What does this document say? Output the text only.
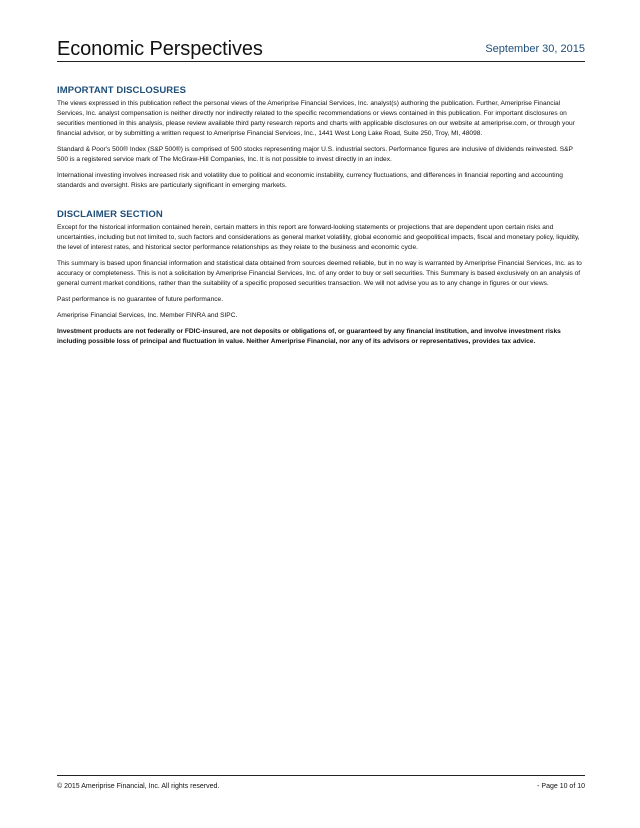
Economic Perspectives	September 30, 2015
IMPORTANT DISCLOSURES

The views expressed in this publication reflect the personal views of the Ameriprise Financial Services, Inc. analyst(s) authoring the publication. Further, Ameriprise Financial Services, Inc. analyst compensation is neither directly nor indirectly related to the specific recommendations or views contained in this publication. For important disclosures on securities mentioned in this analysis, please review available third party research reports and charts with applicable disclosures on our website at ameriprise.com, or through your financial advisor, or by submitting a written request to Ameriprise Financial Services, Inc., 1441 West Long Lake Road, Suite 250, Troy, MI, 48098.

Standard & Poor's 500® Index (S&P 500®) is comprised of 500 stocks representing major U.S. industrial sectors. Performance figures are inclusive of dividends reinvested. S&P 500 is a registered service mark of The McGraw-Hill Companies, Inc. It is not possible to invest directly in an index.

International investing involves increased risk and volatility due to political and economic instability, currency fluctuations, and differences in financial reporting and accounting standards and oversight. Risks are particularly significant in emerging markets.

DISCLAIMER SECTION

Except for the historical information contained herein, certain matters in this report are forward-looking statements or projections that are dependent upon certain risks and uncertainties, including but not limited to, such factors and considerations as general market volatility, global economic and geopolitical impacts, fiscal and monetary policy, liquidity, the level of interest rates, and historical sector performance relationships as they relate to the business and economic cycle.

This summary is based upon financial information and statistical data obtained from sources deemed reliable, but in no way is warranted by Ameriprise Financial Services, Inc. as to accuracy or completeness. This is not a solicitation by Ameriprise Financial Services, Inc. of any order to buy or sell securities. This Summary is based exclusively on an analysis of general current market conditions, rather than the suitability of a specific proposed securities transaction. We will not advise you as to any change in figures or our views.

Past performance is no guarantee of future performance.

Ameriprise Financial Services, Inc. Member FINRA and SIPC.

Investment products are not federally or FDIC-insured, are not deposits or obligations of, or guaranteed by any financial institution, and involve investment risks including possible loss of principal and fluctuation in value. Neither Ameriprise Financial, nor any of its advisors or representatives, provides tax advice.

© 2015 Ameriprise Financial, Inc. All rights reserved.	- Page 10 of 10
